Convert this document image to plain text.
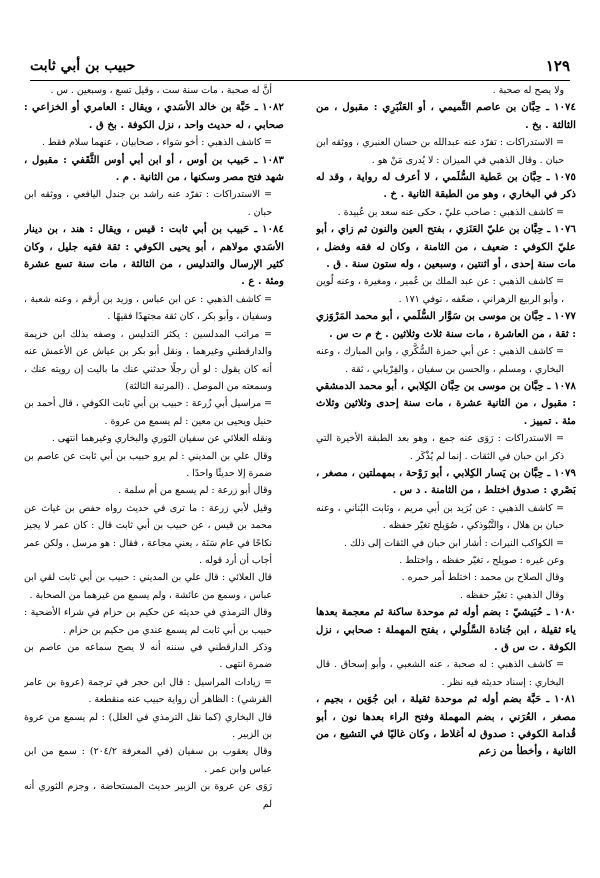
١٢٩
حبيب بن أبي ثابت

ولا يصح له صحبة .

١٠٧٤ ـ حِبَّان بن عاصم التَّميمي ، أو العَنْبَرِي : مقبول ، من الثالثة . بخ .

= الاستدراكات : تفرّد عنه عبدالله بن حسان العنبري ، ووثقه ابن حبان . وقال الذهبي في الميزان : لا يُدرى مَنْ هو .

١٠٧٥ ـ حِبَّان بن عَطية السُّلَمي ، لا أعرف له رواية ، وقد له ذكر في البخاري ، وهو من الطبقة الثانية . خ .

= كاشف الذهبي : صاحب عليّ ، حكى عنه سعد بن عُبيدة .

١٠٧٦ ـ حِبَّان بن عليّ العَنَزي ، بفتح العين والنون ثم زاي ، أبو عليّ الكوفي : ضعيف ، من الثامنة ، وكان له فقه وفضل ، مات سنة إحدى ، أو اثنتين ، وسبعين ، وله ستون سنة . ق .

= كاشف الذهبي : عن عبد الملك بن عُمير ، ومغيرة ، وعنه لُوين ، وأبو الربيع الزهراني ، ضعّفه ، توفي ١٧١ .

١٠٧٧ ـ حِبَّان بن موسى بن سَوَّار السُّلَمي ، أبو محمد المَرْوَزي : ثقة ، من العاشرة ، مات سنة ثلاث وثلاثين . خ م ت س .

= كاشف الذهبي : عن أبي حمزة السُّكَّري ، وابن المبارك ، وعنه البخاري ، ومسلم ، والحسن بن سفيان ، والفِرْيابي ، ثقة .

١٠٧٨ ـ حِبَّان بن موسى بن حِبَّان الكِلابي ، أبو محمد الدمشقي : مقبول ، من الثانية عشرة ، مات سنة إحدى وثلاثين وثلاث مئة . تمييز .

= الاستدراكات : رَوَى عنه جمع ، وهو بعد الطبقة الأخيرة التي ذكر ابن حبان في الثقات . إنما لم يُذْكَر .

١٠٧٩ ـ حِبَّان بن يَسار الكِلابي ، أبو رَوْحة ، بمهملتين ، مصغر ، بَصْري : صدوق اختلط ، من الثامنة . د س .

= كاشف الذهبي : عن بُرَيد بن أبي مريم ، وثابت البُناني ، وعنه حبان بن هلال ، والتَّبُوذكي ، صُوَيلح تغيّر حفظه .

= الكواكب النيرات : أشار ابن حبان في الثقات إلى ذلك .

وعن غيره : صويلح ، تغيّر حفظه ، واختلط .

وقال الصلاح بن محمد : اختلط أمر حمره .

وقال الذهبي : تغيّر حفظه .

١٠٨٠ ـ حُبَيشيّ : بضم أوله ثم موحدة ساكنة ثم معجمة بعدها ياء ثقيلة ، ابن جُنادة السَّلُولي ، بفتح المهملة : صحابي ، نزل الكوفة . ت س ق .

= كاشف الذهبي : له صحبة ، عنه الشعبي ، وأبو إسحاق . قال البخاري : إسناد حديثه فيه نظر .

١٠٨١ ـ حَبَّة بضم أوله ثم موحدة ثقيلة ، ابن جُوَين ، بجيم ، مصغر ، العُرَني ، بضم المهملة وفتح الراء بعدها نون ، أبو قُدامة الكوفي : صدوق له أغلاط ، وكان غاليًا في التشيع ، من الثانية ، وأخطأ من زعم

أنَّ له صحبة ، مات سنة ست ، وقيل تسع ، وسبعين . س .

١٠٨٢ ـ حَبَّة بن خالد الأسَدي ، ويقال : العامري أو الخزاعي : صحابي ، له حديث واحد ، نزل الكوفة . بخ ق .

= كاشف الذهبي : أخو سَواء ، صحابيان ، عنهما سلام فقط .

١٠٨٣ ـ حَبيب بن أوس ، أو ابن أبي أوس الثَّقَفي : مقبول ، شهد فتح مصر وسكنها ، من الثانية . م .

= الاستدراكات : تفرّد عنه راشد بن جندل اليافعي ، ووثقه ابن حبان .

١٠٨٤ ـ حَبيب بن أبي ثابت : قيس ، ويقال : هند ، بن دينار الأسَدي مولاهم ، أبو يحيى الكوفي : ثقة فقيه جليل ، وكان كثير الإرسال والتدليس ، من الثالثة ، مات سنة تسع عشرة ومئة . ع .

= كاشف الذهبي : عن ابن عباس ، وزيد بن أرقم ، وعنه شعبة ، وسفيان ، وأبو بكر ، كان ثقة مجتهدًا فقيهًا .

= مراتب المدلسين : يكثر التدليس ، وصفه بذلك ابن خزيمة والدارقطني وغيرهما ، ونقل أبو بكر بن عياش عن الأعمش عنه أنه كان يقول : لو أن رجلًا حدثني عنك ما باليت إن رويته عنك ، وسمعته من الموصل . (المرتبة الثالثة)

= مراسيل أبي زُرعة : حبيب بن أبي ثابت الكوفي ، قال أحمد بن حنبل ويحيى بن معين : لم يسمع من عروة .

ونقله العلائي عن سفيان الثوري والبخاري وغيرهما انتهى .

وقال علي بن المديني : لم يرو حبيب بن أبي ثابت عن عاصم بن ضمرة إلا حديثًا واحدًا .

وقال أبو زرعة : لم يسمع من أم سلمة .

وقيل لأبي زرعة : ما ترى في حديث رواه حفص بن غياث عن محمد بن قيس ، عن حبيب بن أبي ثابت قال : كان عمر لا يجيز نكاحًا في عام سَنَة ، يعني مجاعة ، فقال : هو مرسل ، ولكن عمر أجاب أن أرد قوله .

قال العلائي : قال علي بن المديني : حبيب بن أبي ثابت لقي ابن عباس ، وسمع من عائشة ، ولم يسمع من غيرهما من الصحابة .

وقال الترمذي في حديثه عن حكيم بن حزام في شراء الأضحية : حبيب بن أبي ثابت لم يسمع عندي من حكيم بن حزام .

وذكر الدارقطني في سننه أنه لا يصح سماعه من عاصم بن ضمرة انتهى .

= زيادات المراسيل : قال ابن حجر في ترجمة (عروة بن عامر القرشي) : الظاهر أن رواية حبيب عنه منقطعة .

قال البخاري (كما نقل الترمذي في العلل) : لم يسمع من عروة بن الزبير .

وقال يعقوب بن سفيان (في المعرفة ٢٠٤/٢) : سمع من ابن عباس وابن عمر .

رَوَى عن عروة بن الزبير حديث المستحاضة ، وجزم الثوري أنه لم
